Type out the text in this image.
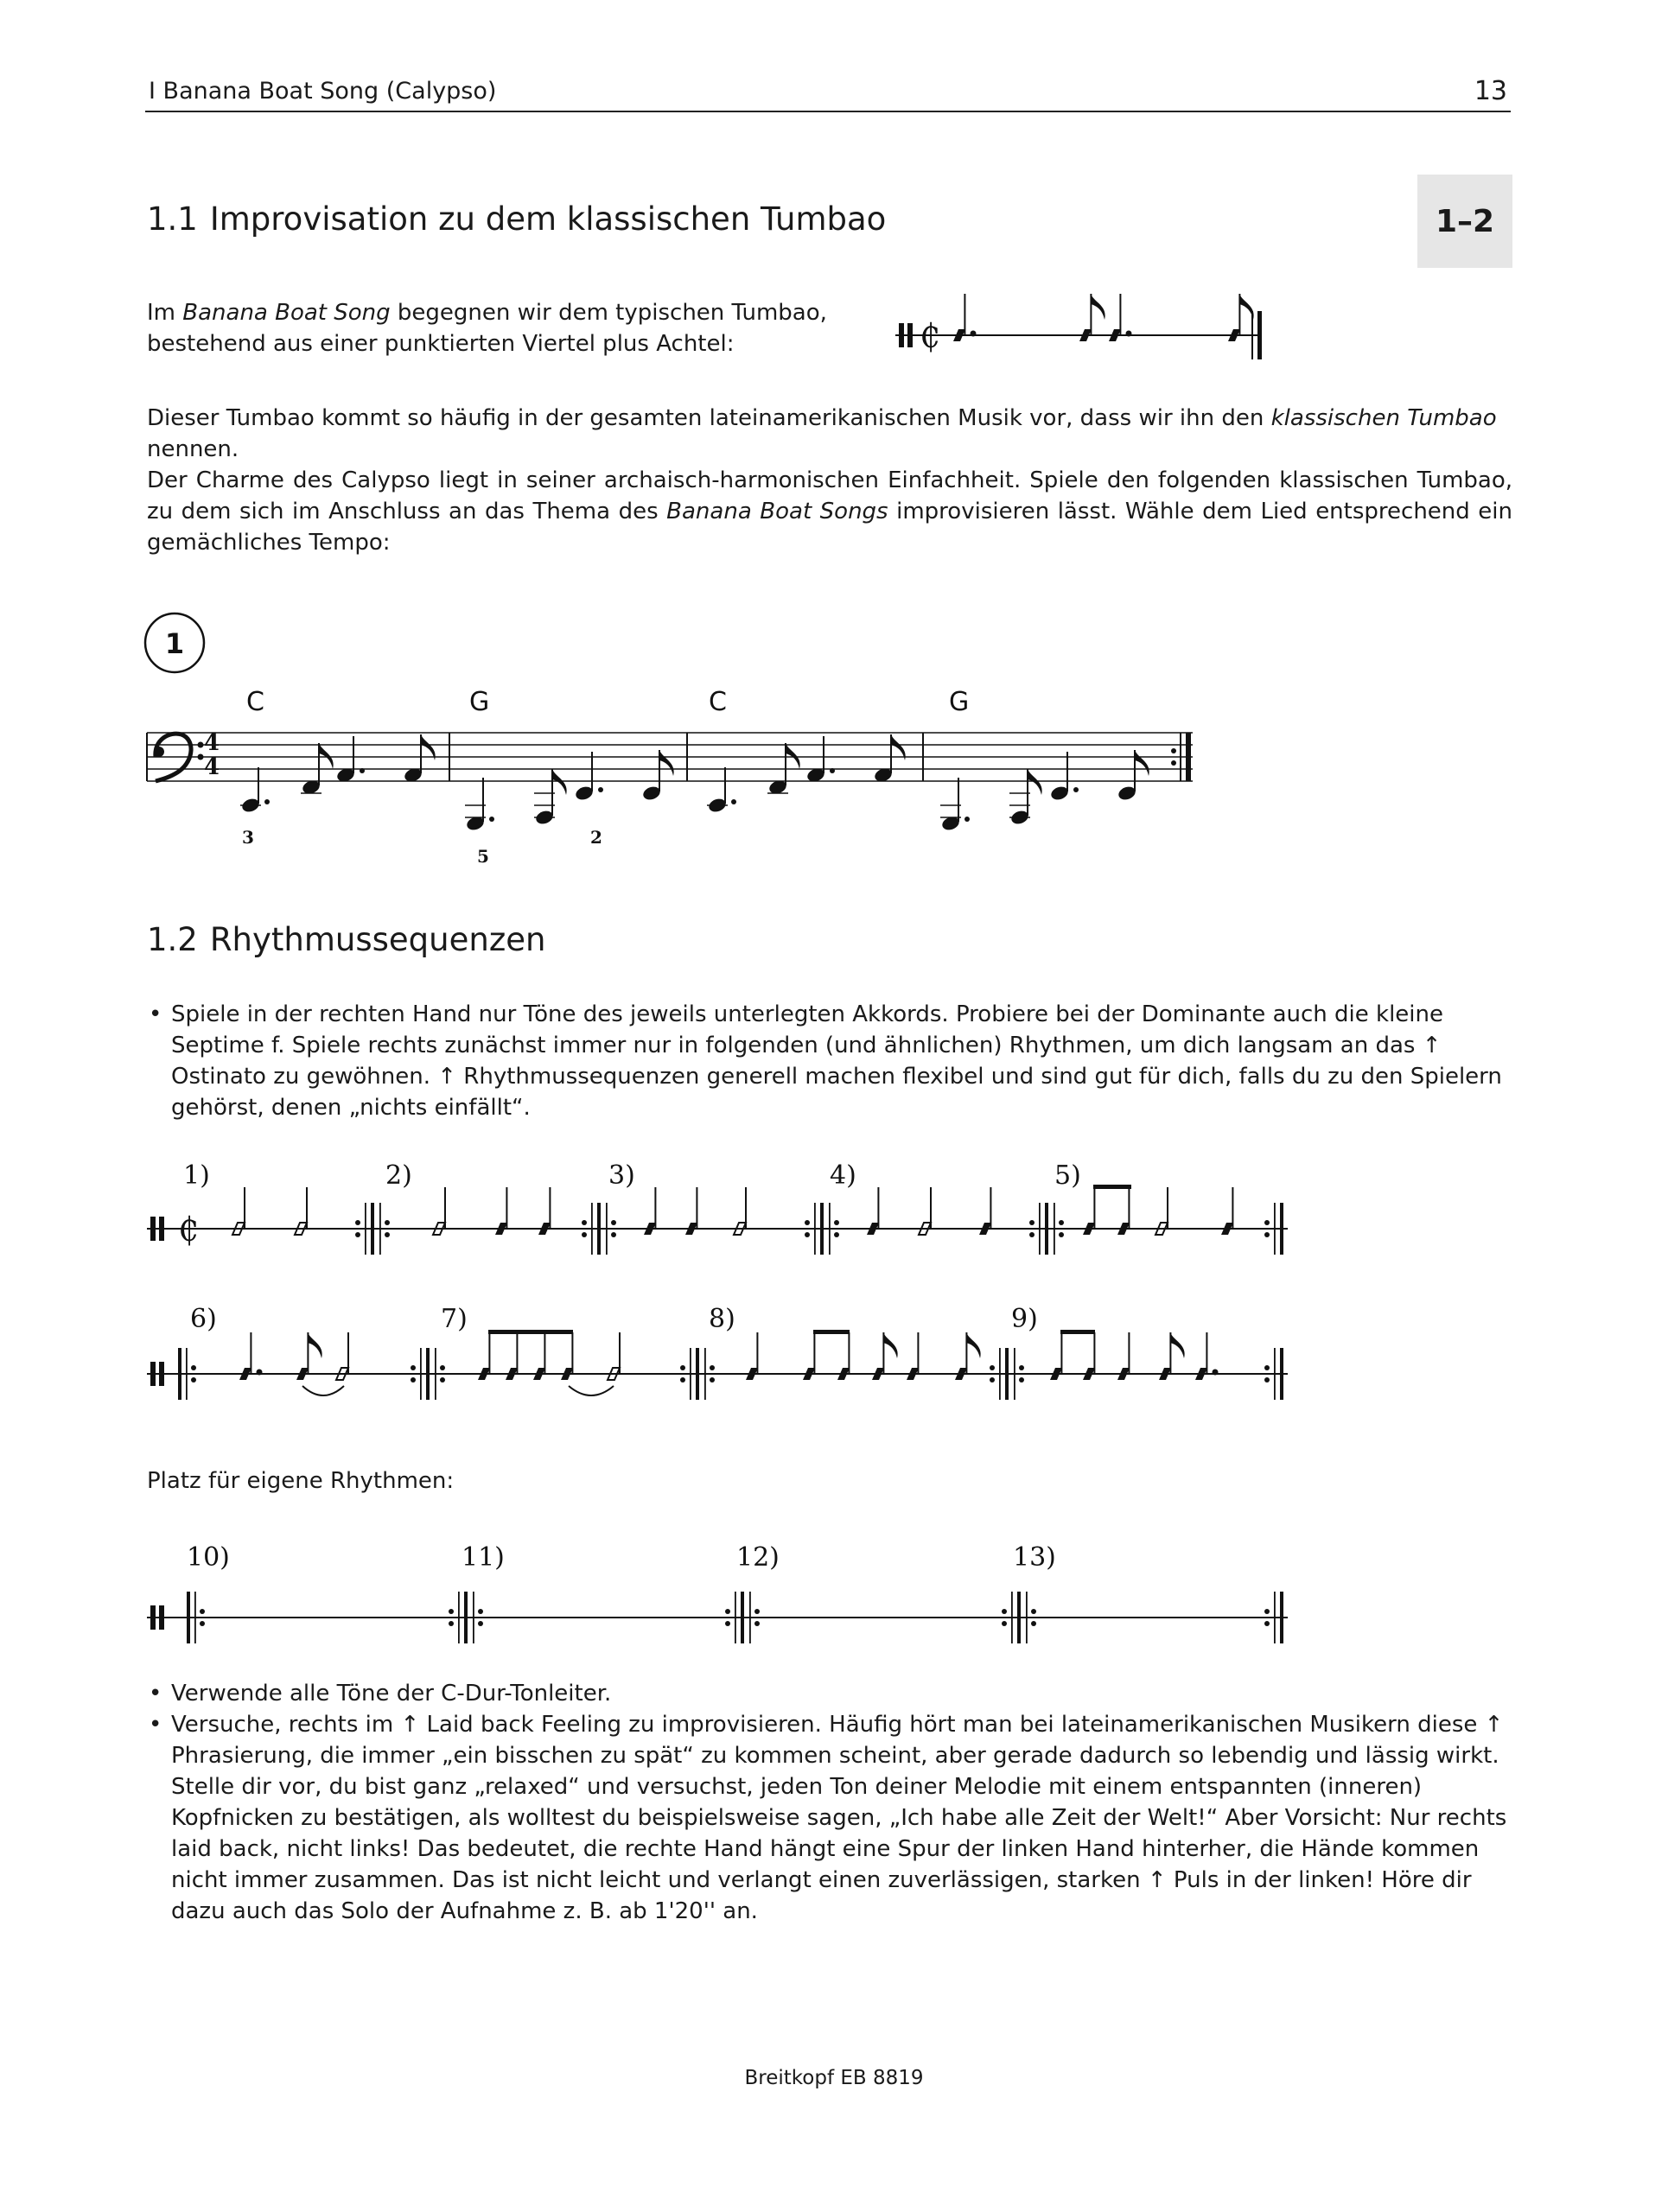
I Banana Boat Song (Calypso)	13
1.1 Improvisation zu dem klassischen Tumbao	1–2

Im Banana Boat Song begegnen wir dem typischen Tumbao, bestehend aus einer punktierten Viertel plus Achtel:

Dieser Tumbao kommt so häufig in der gesamten lateinamerikanischen Musik vor, dass wir ihn den klassischen Tumbao nennen.

Der Charme des Calypso liegt in seiner archaisch-harmonischen Einfachheit. Spiele den folgenden klassischen Tumbao, zu dem sich im Anschluss an das Thema des Banana Boat Songs improvisieren lässt. Wähle dem Lied entsprechend ein gemächliches Tempo:

1.2 Rhythmussequenzen
• Spiele in der rechten Hand nur Töne des jeweils unterlegten Akkords. Probiere bei der Dominante auch die kleine Septime f. Spiele rechts zunächst immer nur in folgenden (und ähnlichen) Rhythmen, um dich langsam an das ↑ Ostinato zu gewöhnen. ↑ Rhythmussequenzen generell machen flexibel und sind gut für dich, falls du zu den Spielern gehörst, denen „nichts einfällt“.

Platz für eigene Rhythmen:

• Verwende alle Töne der C-Dur-Tonleiter.
• Versuche, rechts im ↑ Laid back Feeling zu improvisieren. Häufig hört man bei lateinamerikanischen Musikern diese ↑ Phrasierung, die immer „ein bisschen zu spät“ zu kommen scheint, aber gerade dadurch so lebendig und lässig wirkt. Stelle dir vor, du bist ganz „relaxed“ und versuchst, jeden Ton deiner Melodie mit einem entspannten (inneren) Kopfnicken zu bestätigen, als wolltest du beispielsweise sagen, „Ich habe alle Zeit der Welt!“ Aber Vorsicht: Nur rechts laid back, nicht links! Das bedeutet, die rechte Hand hängt eine Spur der linken Hand hinterher, die Hände kommen nicht immer zusammen. Das ist nicht leicht und verlangt einen zuverlässigen, starken ↑ Puls in der linken! Höre dir dazu auch das Solo der Aufnahme z. B. ab 1'20'' an.
₵
1
4
4
C	G	C	G
3
5
2
₵
1)	2)	3)	4)	5)
6)	7)	8)	9)
10)	11)	12)	13)
Breitkopf EB 8819
